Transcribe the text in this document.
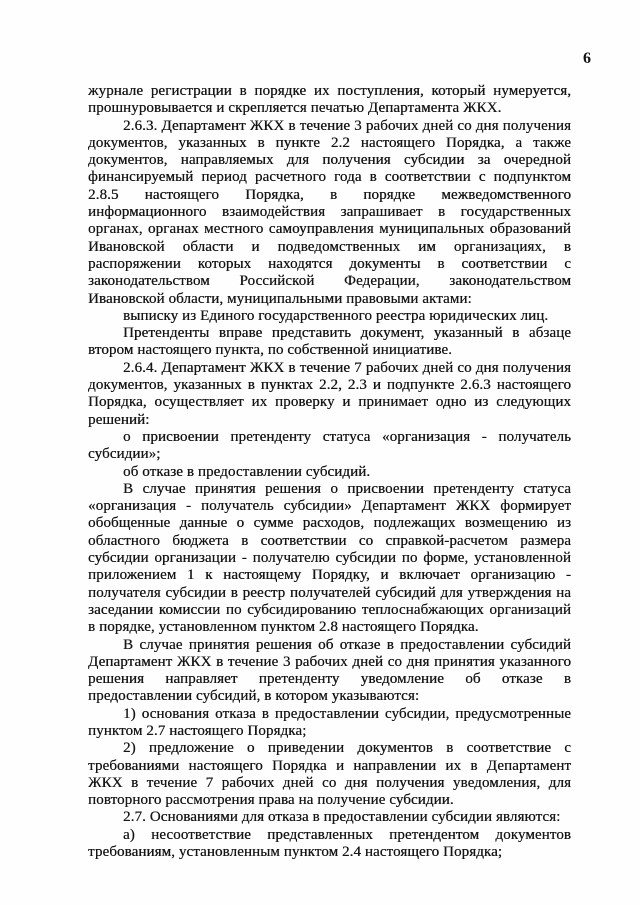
6

журнале регистрации в порядке их поступления, который нумеруется, прошнуровывается и скрепляется печатью Департамента ЖКХ.

2.6.3. Департамент ЖКХ в течение 3 рабочих дней со дня получения документов, указанных в пункте 2.2 настоящего Порядка, а также документов, направляемых для получения субсидии за очередной финансируемый период расчетного года в соответствии с подпунктом 2.8.5 настоящего Порядка, в порядке межведомственного информационного взаимодействия запрашивает в государственных органах, органах местного самоуправления муниципальных образований Ивановской области и подведомственных им организациях, в распоряжении которых находятся документы в соответствии с законодательством Российской Федерации, законодательством Ивановской области, муниципальными правовыми актами:

выписку из Единого государственного реестра юридических лиц.

Претенденты вправе представить документ, указанный в абзаце втором настоящего пункта, по собственной инициативе.

2.6.4. Департамент ЖКХ в течение 7 рабочих дней со дня получения документов, указанных в пунктах 2.2, 2.3 и подпункте 2.6.3 настоящего Порядка, осуществляет их проверку и принимает одно из следующих решений:

о присвоении претенденту статуса «организация - получатель субсидии»;

об отказе в предоставлении субсидий.

В случае принятия решения о присвоении претенденту статуса «организация - получатель субсидии» Департамент ЖКХ формирует обобщенные данные о сумме расходов, подлежащих возмещению из областного бюджета в соответствии со справкой-расчетом размера субсидии организации - получателю субсидии по форме, установленной приложением 1 к настоящему Порядку, и включает организацию - получателя субсидии в реестр получателей субсидий для утверждения на заседании комиссии по субсидированию теплоснабжающих организаций в порядке, установленном пунктом 2.8 настоящего Порядка.

В случае принятия решения об отказе в предоставлении субсидий Департамент ЖКХ в течение 3 рабочих дней со дня принятия указанного решения направляет претенденту уведомление об отказе в предоставлении субсидий, в котором указываются:

1) основания отказа в предоставлении субсидии, предусмотренные пунктом 2.7 настоящего Порядка;

2) предложение о приведении документов в соответствие с требованиями настоящего Порядка и направлении их в Департамент ЖКХ в течение 7 рабочих дней со дня получения уведомления, для повторного рассмотрения права на получение субсидии.

2.7. Основаниями для отказа в предоставлении субсидии являются:

а) несоответствие представленных претендентом документов требованиям, установленным пунктом 2.4 настоящего Порядка;
